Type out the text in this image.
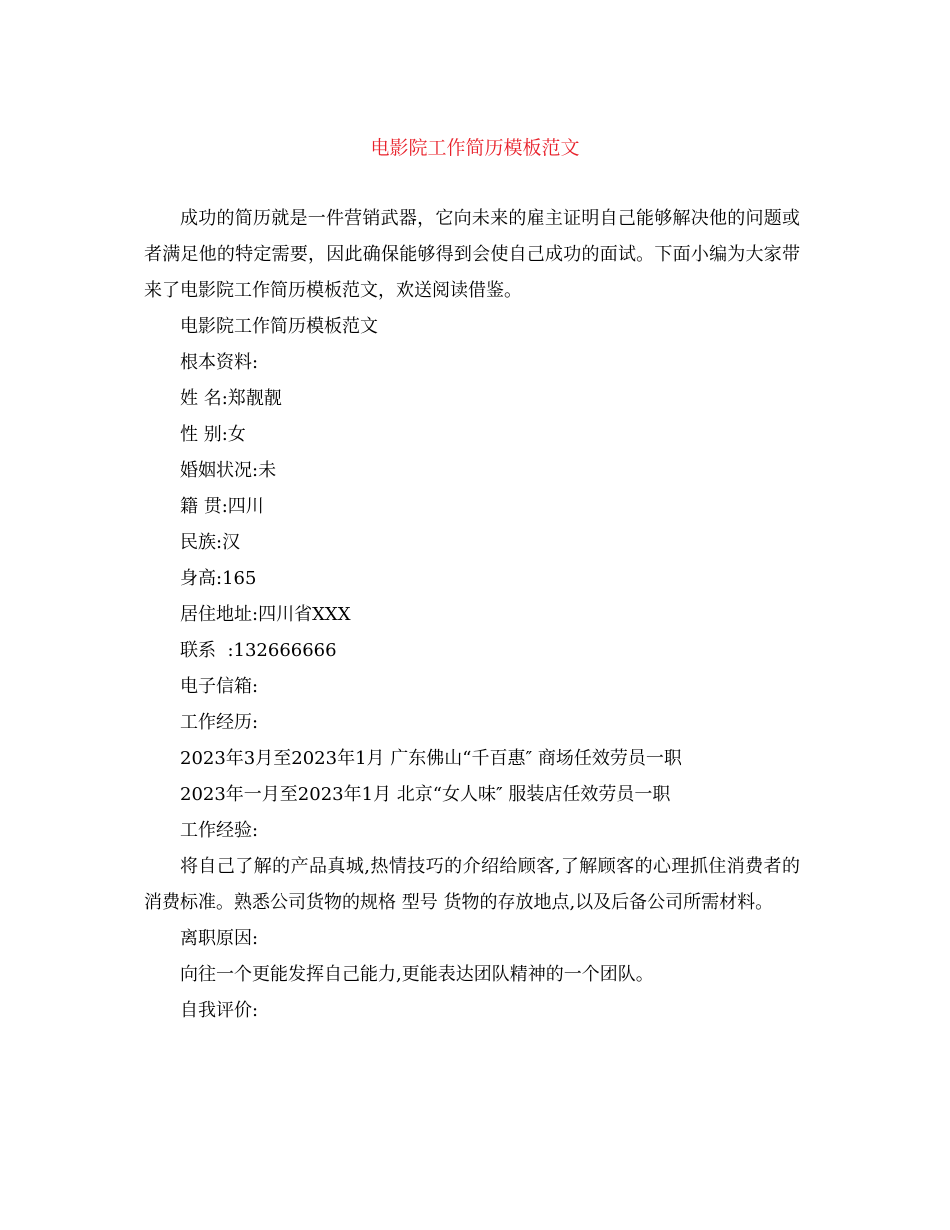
电影院工作简历模板范文

成功的简历就是一件营销武器，它向未来的雇主证明自己能够解决他的问题或者满足他的特定需要，因此确保能够得到会使自己成功的面试。下面小编为大家带来了电影院工作简历模板范文，欢送阅读借鉴。

电影院工作简历模板范文

根本资料:

姓 名:郑靓靓

性 别:女

婚姻状况:未

籍 贯:四川

民族:汉

身高:165

居住地址:四川省XXX

联系  :132666666

电子信箱:

工作经历:

2023年3月至2023年1月 广东佛山“千百惠″ 商场任效劳员一职

2023年一月至2023年1月 北京“女人味″ 服装店任效劳员一职

工作经验:

将自己了解的产品真城,热情技巧的介绍给顾客,了解顾客的心理抓住消费者的消费标准。熟悉公司货物的规格 型号 货物的存放地点,以及后备公司所需材料。

离职原因:

向往一个更能发挥自己能力,更能表达团队精神的一个团队。

自我评价:
